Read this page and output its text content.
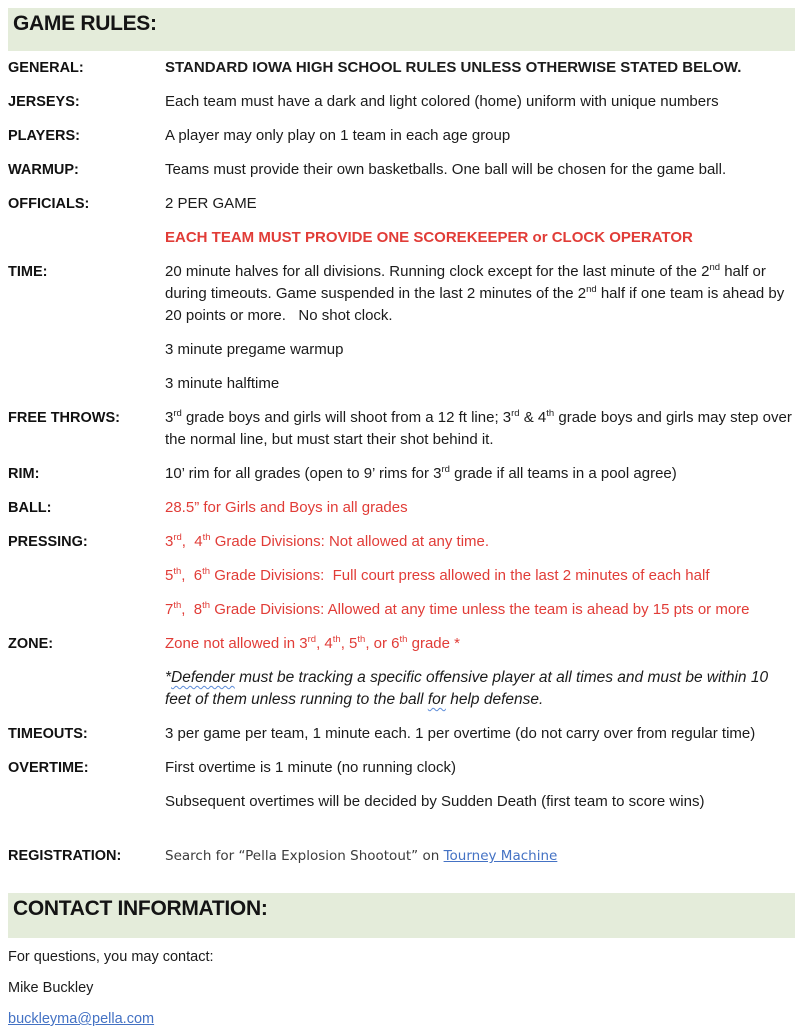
GAME RULES:
GENERAL:	STANDARD IOWA HIGH SCHOOL RULES UNLESS OTHERWISE STATED BELOW.

JERSEYS:	Each team must have a dark and light colored (home) uniform with unique numbers

PLAYERS:	A player may only play on 1 team in each age group

WARMUP:	Teams must provide their own basketballs. One ball will be chosen for the game ball.

OFFICIALS:	2 PER GAME

EACH TEAM MUST PROVIDE ONE SCOREKEEPER or CLOCK OPERATOR

TIME:	20 minute halves for all divisions. Running clock except for the last minute of the 2nd half or during timeouts. Game suspended in the last 2 minutes of the 2nd half if one team is ahead by 20 points or more.   No shot clock.

3 minute pregame warmup

3 minute halftime

FREE THROWS:	3rd grade boys and girls will shoot from a 12 ft line; 3rd & 4th grade boys and girls may step over the normal line, but must start their shot behind it.

RIM:	10’ rim for all grades (open to 9’ rims for 3rd grade if all teams in a pool agree)

BALL:	28.5” for Girls and Boys in all grades

PRESSING:	3rd,  4th Grade Divisions: Not allowed at any time.

5th,  6th Grade Divisions:  Full court press allowed in the last 2 minutes of each half

7th,  8th Grade Divisions: Allowed at any time unless the team is ahead by 15 pts or more

ZONE:	Zone not allowed in 3rd, 4th, 5th, or 6th grade *

*Defender must be tracking a specific offensive player at all times and must be within 10 feet of them unless running to the ball for help defense.

TIMEOUTS:	3 per game per team, 1 minute each. 1 per overtime (do not carry over from regular time)

OVERTIME:	First overtime is 1 minute (no running clock)

Subsequent overtimes will be decided by Sudden Death (first team to score wins)

REGISTRATION:	Search for “Pella Explosion Shootout” on Tourney Machine

CONTACT INFORMATION:

For questions, you may contact:

Mike Buckley

buckleyma@pella.com
